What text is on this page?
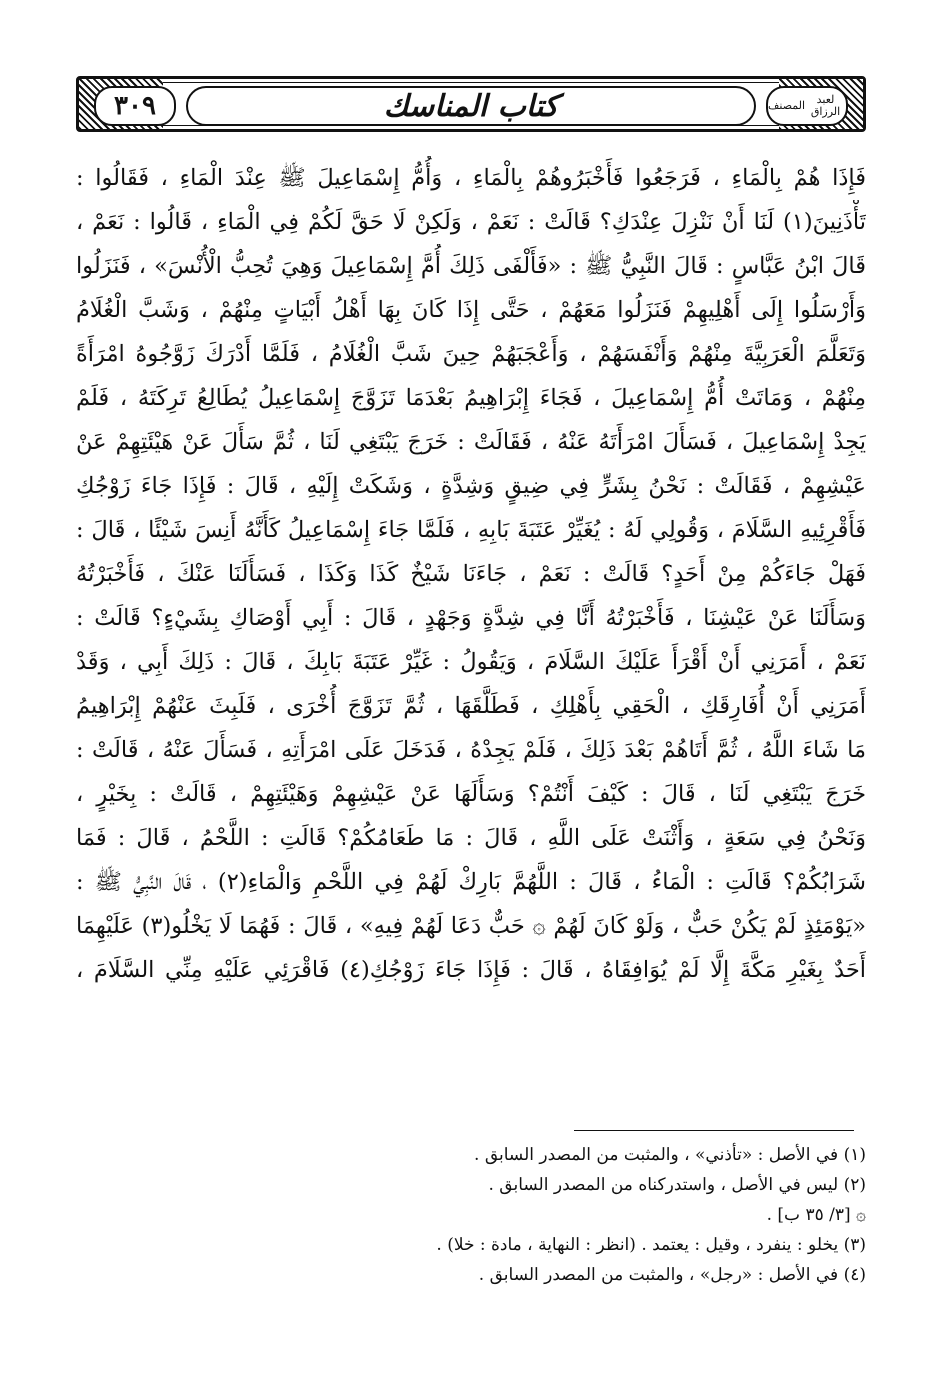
٣٠٩	المصنف	لعبد الرزاق
كتاب المناسك
فَإِذَا هُمْ بِالْمَاءِ ، فَرَجَعُوا فَأَخْبَرُوهُمْ بِالْمَاءِ ، وَأُمُّ إِسْمَاعِيلَ ﷺ عِنْدَ الْمَاءِ ، فَقَالُوا :
تَأْذَنِينَ(١) لَنَا أَنْ نَنْزِلَ عِنْدَكِ؟ قَالَتْ : نَعَمْ ، وَلَكِنْ لَا حَقَّ لَكُمْ فِي الْمَاءِ ، قَالُوا : نَعَمْ ،
قَالَ ابْنُ عَبَّاسٍ : قَالَ النَّبِيُّ ﷺ : «فَأَلْفَى ذَلِكَ أُمَّ إِسْمَاعِيلَ وَهِيَ تُحِبُّ الْأُنْسَ» ، فَنَزَلُوا
وَأَرْسَلُوا إِلَى أَهْلِيهِمْ فَنَزَلُوا مَعَهُمْ ، حَتَّى إِذَا كَانَ بِهَا أَهْلُ أَبْيَاتٍ مِنْهُمْ ، وَشَبَّ الْغُلَامُ
وَتَعَلَّمَ الْعَرَبِيَّةَ مِنْهُمْ وَأَنْفَسَهُمْ ، وَأَعْجَبَهُمْ حِينَ شَبَّ الْغُلَامُ ، فَلَمَّا أَدْرَكَ زَوَّجُوهُ امْرَأَةً
مِنْهُمْ ، وَمَاتَتْ أُمُّ إِسْمَاعِيلَ ، فَجَاءَ إِبْرَاهِيمُ بَعْدَمَا تَزَوَّجَ إِسْمَاعِيلُ يُطَالِعُ تَرِكَتَهُ ، فَلَمْ
يَجِدْ إِسْمَاعِيلَ ، فَسَأَلَ امْرَأَتَهُ عَنْهُ ، فَقَالَتْ : خَرَجَ يَبْتَغِي لَنَا ، ثُمَّ سَأَلَ عَنْ هَيْئَتِهِمْ عَنْ
عَيْشِهِمْ ، فَقَالَتْ : نَحْنُ بِشَرٍّ فِي ضِيقٍ وَشِدَّةٍ ، وَشَكَتْ إِلَيْهِ ، قَالَ : فَإِذَا جَاءَ زَوْجُكِ
فَأَقْرِئِيهِ السَّلَامَ ، وَقُولِي لَهُ : يُغَيِّرْ عَتَبَةَ بَابِهِ ، فَلَمَّا جَاءَ إِسْمَاعِيلُ كَأَنَّهُ أَنِسَ شَيْئًا ، قَالَ :
فَهَلْ جَاءَكُمْ مِنْ أَحَدٍ؟ قَالَتْ : نَعَمْ ، جَاءَنَا شَيْخٌ كَذَا وَكَذَا ، فَسَأَلَنَا عَنْكَ ، فَأَخْبَرْتُهُ
وَسَأَلَنَا عَنْ عَيْشِنَا ، فَأَخْبَرْتُهُ أَنَّا فِي شِدَّةٍ وَجَهْدٍ ، قَالَ : أَبِي أَوْصَاكِ بِشَيْءٍ؟ قَالَتْ :
نَعَمْ ، أَمَرَنِي أَنْ أَقْرَأَ عَلَيْكَ السَّلَامَ ، وَيَقُولُ : غَيِّرْ عَتَبَةَ بَابِكَ ، قَالَ : ذَلِكَ أَبِي ، وَقَدْ
أَمَرَنِي أَنْ أُفَارِقَكِ ، الْحَقِي بِأَهْلِكِ ، فَطَلَّقَهَا ، ثُمَّ تَزَوَّجَ أُخْرَى ، فَلَبِثَ عَنْهُمْ إِبْرَاهِيمُ
مَا شَاءَ اللَّهُ ، ثُمَّ أَتَاهُمْ بَعْدَ ذَلِكَ ، فَلَمْ يَجِدْهُ ، فَدَخَلَ عَلَى امْرَأَتِهِ ، فَسَأَلَ عَنْهُ ، قَالَتْ :
خَرَجَ يَبْتَغِي لَنَا ، قَالَ : كَيْفَ أَنْتُمْ؟ وَسَأَلَهَا عَنْ عَيْشِهِمْ وَهَيْئَتِهِمْ ، قَالَتْ : بِخَيْرٍ ،
وَنَحْنُ فِي سَعَةٍ ، وَأَثْنَتْ عَلَى اللَّهِ ، قَالَ : مَا طَعَامُكُمْ؟ قَالَتِ : اللَّحْمُ ، قَالَ : فَمَا
شَرَابُكُمْ؟ قَالَتِ : الْمَاءُ ، قَالَ : اللَّهُمَّ بَارِكْ لَهُمْ فِي اللَّحْمِ وَالْمَاءِ(٢) ، قَالَ النَّبِيُّ ﷺ :
«يَوْمَئِذٍ لَمْ يَكُنْ حَبٌّ ، وَلَوْ كَانَ لَهُمْ ۞ حَبٌّ دَعَا لَهُمْ فِيهِ» ، قَالَ : فَهُمَا لَا يَخْلُو(٣) عَلَيْهِمَا
أَحَدٌ بِغَيْرِ مَكَّةَ إِلَّا لَمْ يُوَافِقَاهُ ، قَالَ : فَإِذَا جَاءَ زَوْجُكِ(٤) فَاقْرَئِي عَلَيْهِ مِنِّي السَّلَامَ ،
(١) في الأصل : «تأذني» ، والمثبت من المصدر السابق .
(٢) ليس في الأصل ، واستدركناه من المصدر السابق .
۞ [٣/ ٣٥ ب] .
(٣) يخلو : ينفرد ، وقيل : يعتمد . (انظر : النهاية ، مادة : خلا) .
(٤) في الأصل : «رجل» ، والمثبت من المصدر السابق .
